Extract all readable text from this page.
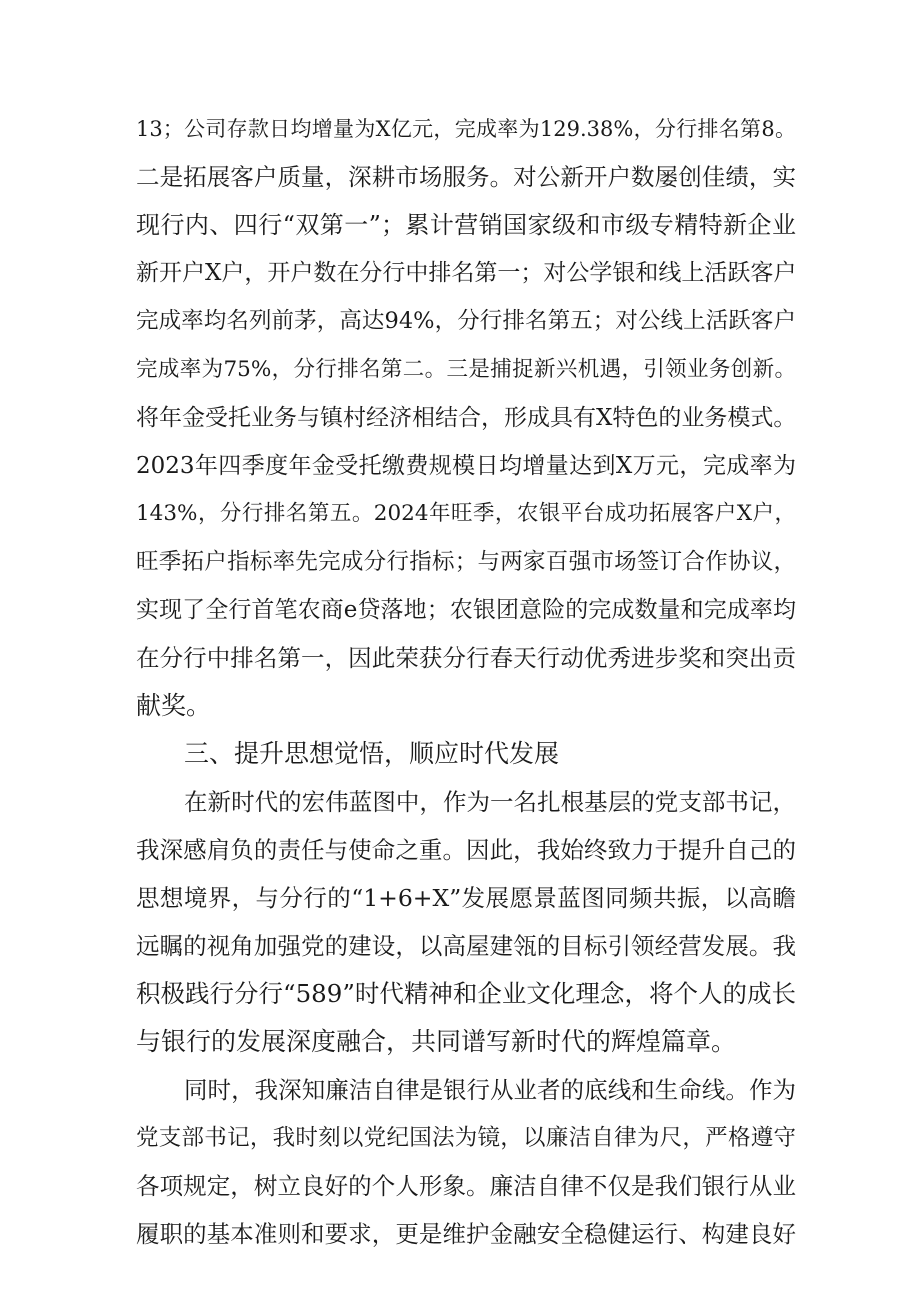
13；公司存款日均增量为X亿元，完成率为129.38%，分行排名第8。
二是拓展客户质量，深耕市场服务。对公新开户数屡创佳绩，实
现行内、四行“双第一”；累计营销国家级和市级专精特新企业
新开户X户，开户数在分行中排名第一；对公学银和线上活跃客户
完成率均名列前茅，高达94%，分行排名第五；对公线上活跃客户
完成率为75%，分行排名第二。三是捕捉新兴机遇，引领业务创新。
将年金受托业务与镇村经济相结合，形成具有X特色的业务模式。
2023年四季度年金受托缴费规模日均增量达到X万元，完成率为
143%，分行排名第五。2024年旺季，农银平台成功拓展客户X户，
旺季拓户指标率先完成分行指标；与两家百强市场签订合作协议，
实现了全行首笔农商e贷落地；农银团意险的完成数量和完成率均
在分行中排名第一，因此荣获分行春天行动优秀进步奖和突出贡
献奖。
三、提升思想觉悟，顺应时代发展
在新时代的宏伟蓝图中，作为一名扎根基层的党支部书记，
我深感肩负的责任与使命之重。因此，我始终致力于提升自己的
思想境界，与分行的“1+6+X”发展愿景蓝图同频共振，以高瞻
远瞩的视角加强党的建设，以高屋建瓴的目标引领经营发展。我
积极践行分行“589”时代精神和企业文化理念，将个人的成长
与银行的发展深度融合，共同谱写新时代的辉煌篇章。
同时，我深知廉洁自律是银行从业者的底线和生命线。作为
党支部书记，我时刻以党纪国法为镜，以廉洁自律为尺，严格遵守
各项规定，树立良好的个人形象。廉洁自律不仅是我们银行从业
履职的基本准则和要求，更是维护金融安全稳健运行、构建良好
